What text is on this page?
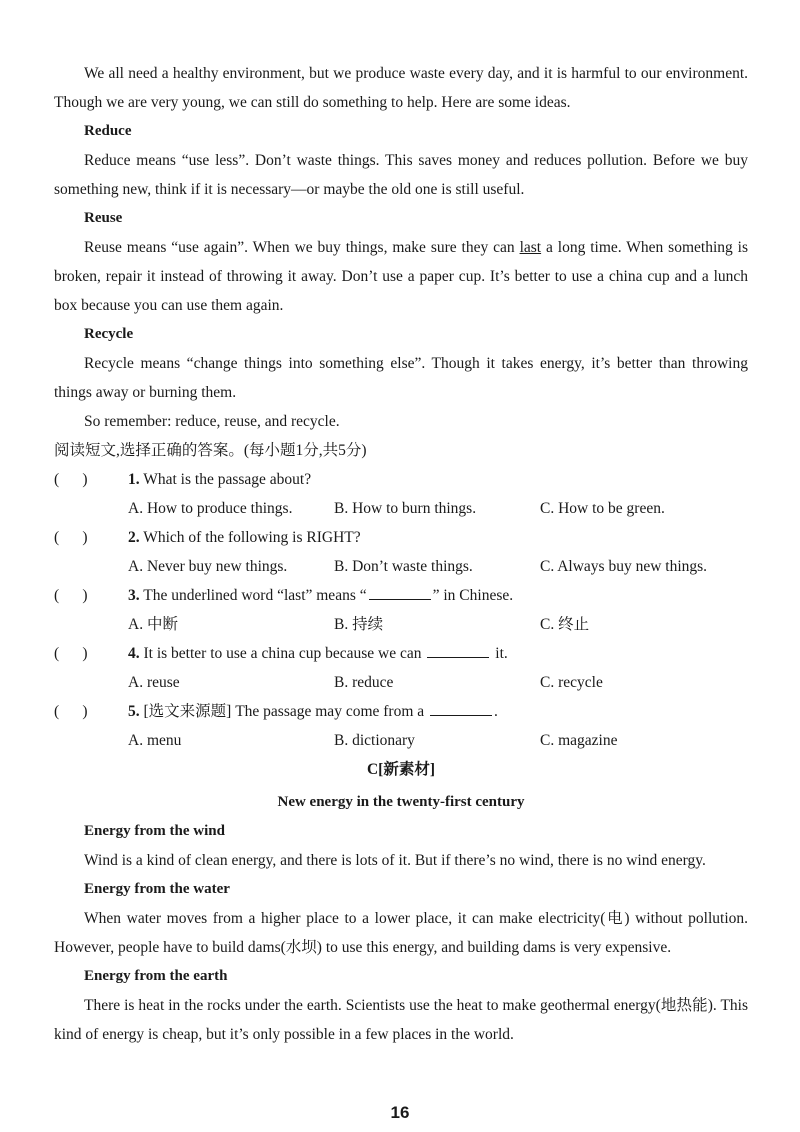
We all need a healthy environment, but we produce waste every day, and it is harmful to our environment. Though we are very young, we can still do something to help. Here are some ideas.

Reduce

Reduce means “use less”. Don’t waste things. This saves money and reduces pollution. Before we buy something new, think if it is necessary—or maybe the old one is still useful.

Reuse

Reuse means “use again”. When we buy things, make sure they can last a long time. When something is broken, repair it instead of throwing it away. Don’t use a paper cup. It’s better to use a china cup and a lunch box because you can use them again.

Recycle

Recycle means “change things into something else”. Though it takes energy, it’s better than throwing things away or burning them.

So remember: reduce, reuse, and recycle.

阅读短文,选择正确的答案。(每小题1分,共5分)

(      )	1. What is the passage about?
A. How to produce things.	B. How to burn things.	C. How to be green.
(      )	2. Which of the following is RIGHT?
A. Never buy new things.	B. Don’t waste things.	C. Always buy new things.
(      )	3. The underlined word “last” means “	” in Chinese.
A. 中断	B. 持续	C. 终止
(      )	4. It is better to use a china cup because we can	it.
A. reuse	B. reduce	C. recycle
(      )	5. [选文来源题] The passage may come from a	.
A. menu	B. dictionary	C. magazine

C[新素材]

New energy in the twenty-first century

Energy from the wind

Wind is a kind of clean energy, and there is lots of it. But if there’s no wind, there is no wind energy.

Energy from the water

When water moves from a higher place to a lower place, it can make electricity(电) without pollution. However, people have to build dams(水坝) to use this energy, and building dams is very expensive.

Energy from the earth

There is heat in the rocks under the earth. Scientists use the heat to make geothermal energy(地热能). This kind of energy is cheap, but it’s only possible in a few places in the world.

16
